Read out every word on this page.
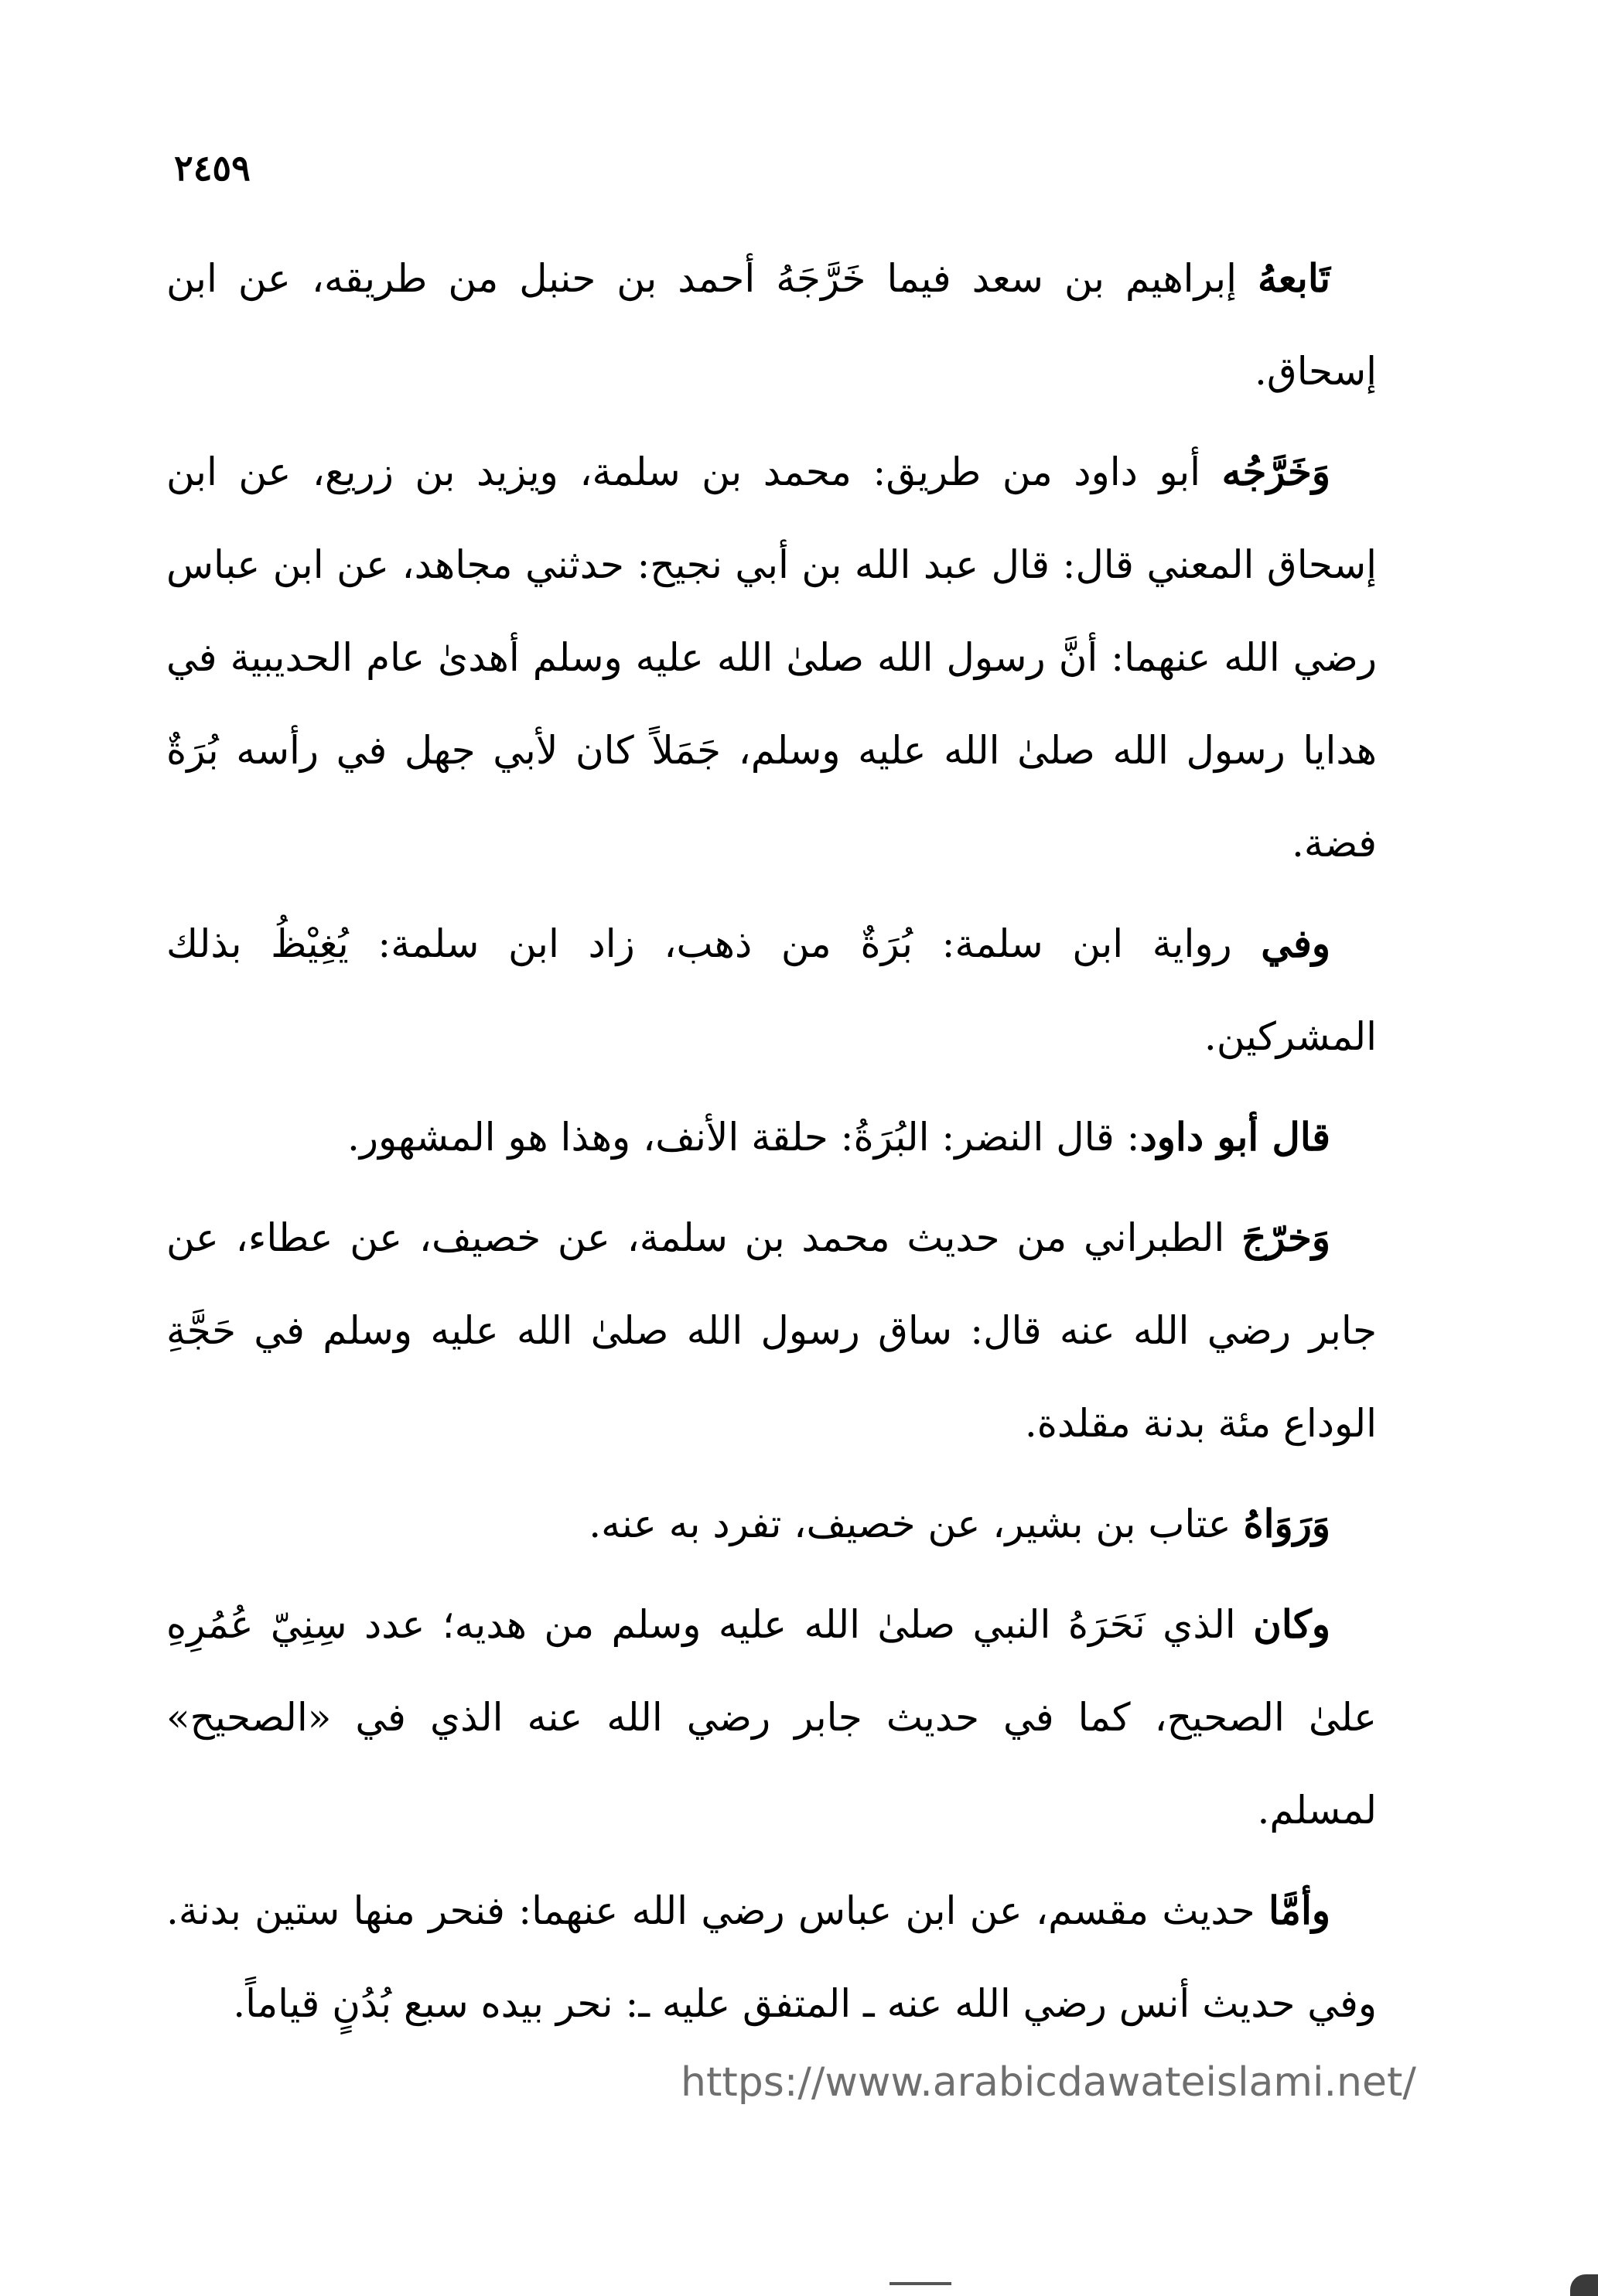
٢٤٥٩

تَابعهُ إبراهيم بن سعد فيما خَرَّجَهُ أحمد بن حنبل من طريقه، عن ابن إسحاق.

وَخَرَّجُه أبو داود من طريق: محمد بن سلمة، ويزيد بن زريع، عن ابن إسحاق المعني قال: قال عبد الله بن أبي نجيح: حدثني مجاهد، عن ابن عباس رضي الله عنهما: أنَّ رسول الله صلىٰ الله عليه وسلم أهدىٰ عام الحديبية في هدايا رسول الله صلىٰ الله عليه وسلم، جَمَلاً كان لأبي جهل في رأسه بُرَةٌ فضة.

وفي رواية ابن سلمة: بُرَةٌ من ذهب، زاد ابن سلمة: يُغِيْظُ بذلك المشركين.

قال أبو داود: قال النضر: البُرَةُ: حلقة الأنف، وهذا هو المشهور.

وَخرّجَ الطبراني من حديث محمد بن سلمة، عن خصيف، عن عطاء، عن جابر رضي الله عنه قال: ساق رسول الله صلىٰ الله عليه وسلم في حَجَّةِ الوداع مئة بدنة مقلدة.

وَرَوَاهُ عتاب بن بشير، عن خصيف، تفرد به عنه.

وكان الذي نَحَرَهُ النبي صلىٰ الله عليه وسلم من هديه؛ عدد سِنِيّ عُمُرِهِ علىٰ الصحيح، كما في حديث جابر رضي الله عنه الذي في «الصحيح» لمسلم.

وأمَّا حديث مقسم، عن ابن عباس رضي الله عنهما: فنحر منها ستين بدنة. وفي حديث أنس رضي الله عنه ـ المتفق عليه ـ: نحر بيده سبع بُدُنٍ قياماً.

https://www.arabicdawateislami.net/
